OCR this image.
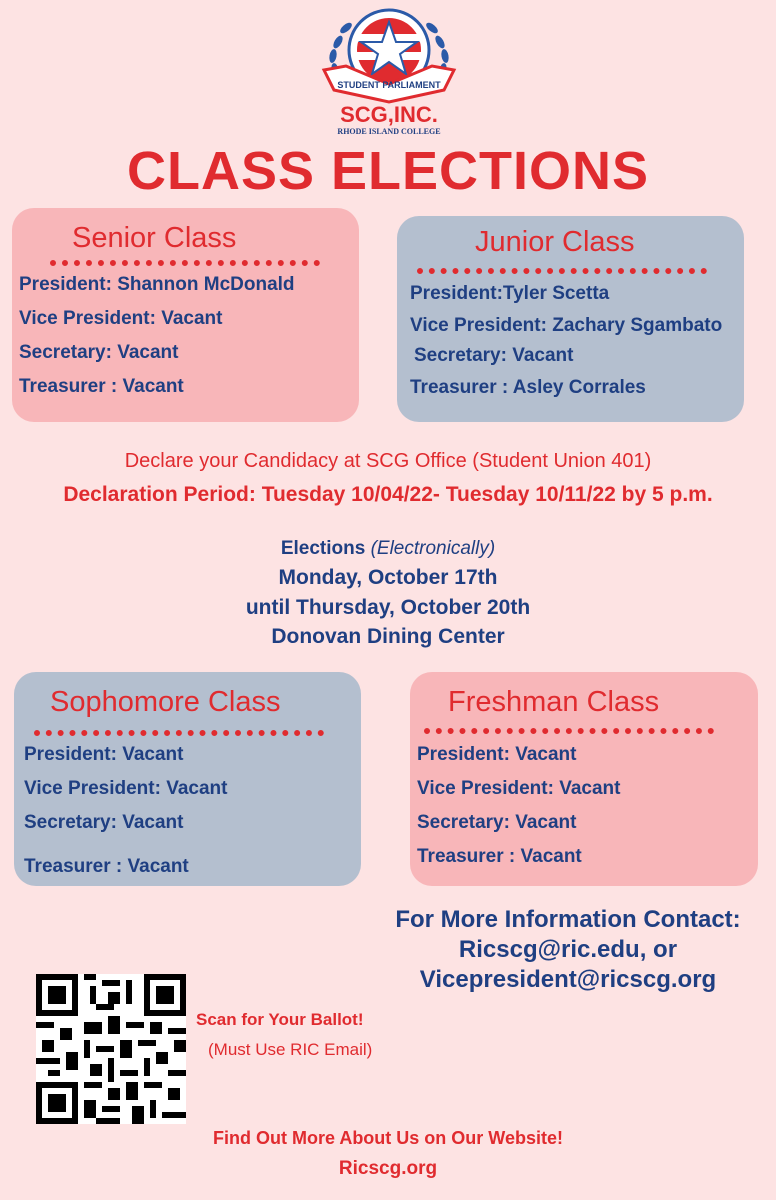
STUDENT PARLIAMENT
SCG,INC.
RHODE ISLAND COLLEGE
CLASS ELECTIONS
Senior Class
President: Shannon McDonald
Vice President: Vacant
Secretary: Vacant
Treasurer : Vacant
Junior Class
President:Tyler Scetta
Vice President: Zachary Sgambato
Secretary: Vacant
Treasurer : Asley Corrales
Declare your Candidacy at SCG Office (Student Union 401)
Declaration Period: Tuesday 10/04/22- Tuesday 10/11/22 by 5 p.m.
Elections (Electronically)
Monday, October 17th
until Thursday, October 20th
Donovan Dining Center
Sophomore Class
President: Vacant
Vice President: Vacant
Secretary: Vacant
Treasurer : Vacant
Freshman Class
President: Vacant
Vice President: Vacant
Secretary: Vacant
Treasurer : Vacant
For More Information Contact:
Ricscg@ric.edu, or
Vicepresident@ricscg.org
Scan for Your Ballot!
(Must Use RIC Email)
Find Out More About Us on Our Website!
Ricscg.org
